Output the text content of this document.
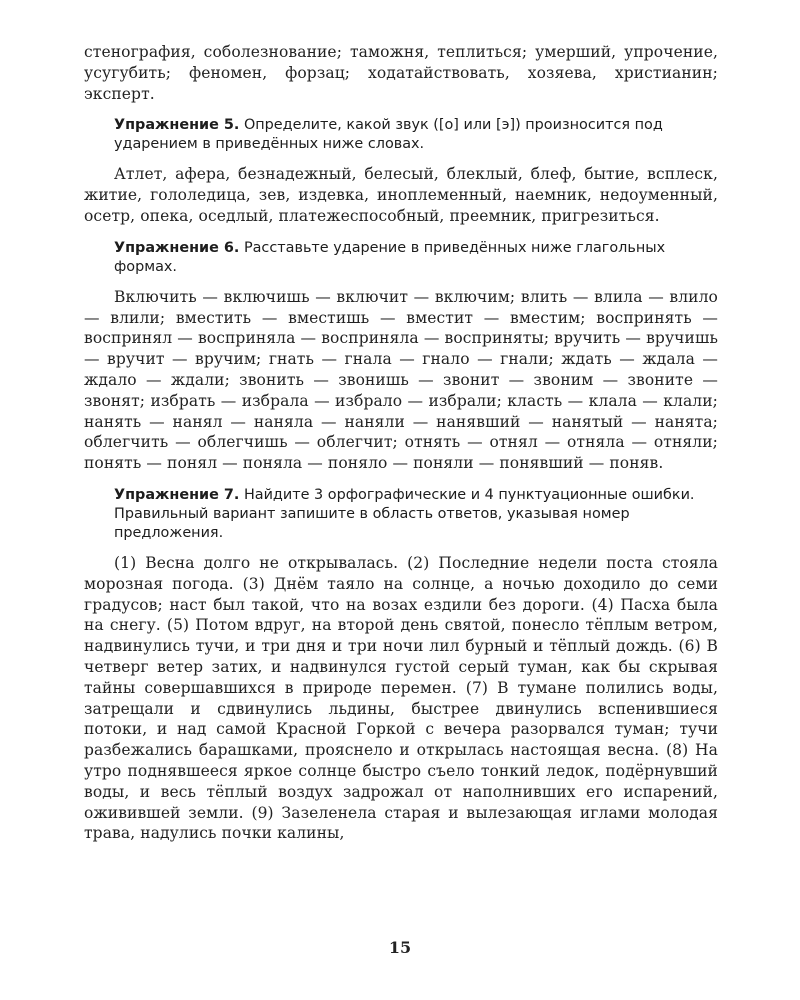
стенография, соболезнование; таможня, теплиться; умерший, упрочение, усугубить; феномен, форзац; ходатайствовать, хозяева, христианин; эксперт.

Упражнение 5. Определите, какой звук ([о] или [э]) произносится под ударением в приведённых ниже словах.

Атлет, афера, безнадежный, белесый, блеклый, блеф, бытие, всплеск, житие, гололедица, зев, издевка, иноплеменный, наемник, недоуменный, осетр, опека, оседлый, платежеспособный, преемник, пригрезиться.

Упражнение 6. Расставьте ударение в приведённых ниже глагольных формах.

Включить — включишь — включит — включим; влить — влила — влило — влили; вместить — вместишь — вместит — вместим; воспринять — воспринял — восприняла — восприняла — восприняты; вручить — вручишь — вручит — вручим; гнать — гнала — гнало — гнали; ждать — ждала — ждало — ждали; звонить — звонишь — звонит — звоним — звоните — звонят; избрать — избрала — избрало — избрали; класть — клала — клали; нанять — нанял — наняла — наняли — нанявший — нанятый — нанята; облегчить — облегчишь — облегчит; отнять — отнял — отняла — отняли; понять — понял — поняла — поняло — поняли — понявший — поняв.

Упражнение 7. Найдите 3 орфографические и 4 пунктуационные ошибки. Правильный вариант запишите в область ответов, указывая номер предложения.

(1) Весна долго не открывалась. (2) Последние недели поста стояла морозная погода. (3) Днём таяло на солнце, а ночью доходило до семи градусов; наст был такой, что на возах ездили без дороги. (4) Пасха была на снегу. (5) Потом вдруг, на второй день святой, понесло тёплым ветром, надвинулись тучи, и три дня и три ночи лил бурный и тёплый дождь. (6) В четверг ветер затих, и надвинулся густой серый туман, как бы скрывая тайны совершавшихся в природе перемен. (7) В тумане полились воды, затрещали и сдвинулись льдины, быстрее двинулись вспенившиеся потоки, и над самой Красной Горкой с вечера разорвался туман; тучи разбежались барашками, прояснело и открылась настоящая весна. (8) На утро поднявшееся яркое солнце быстро съело тонкий ледок, подёрнувший воды, и весь тёплый воздух задрожал от наполнивших его испарений, оживившей земли. (9) Зазеленела старая и вылезающая иглами молодая трава, надулись почки калины,

15
